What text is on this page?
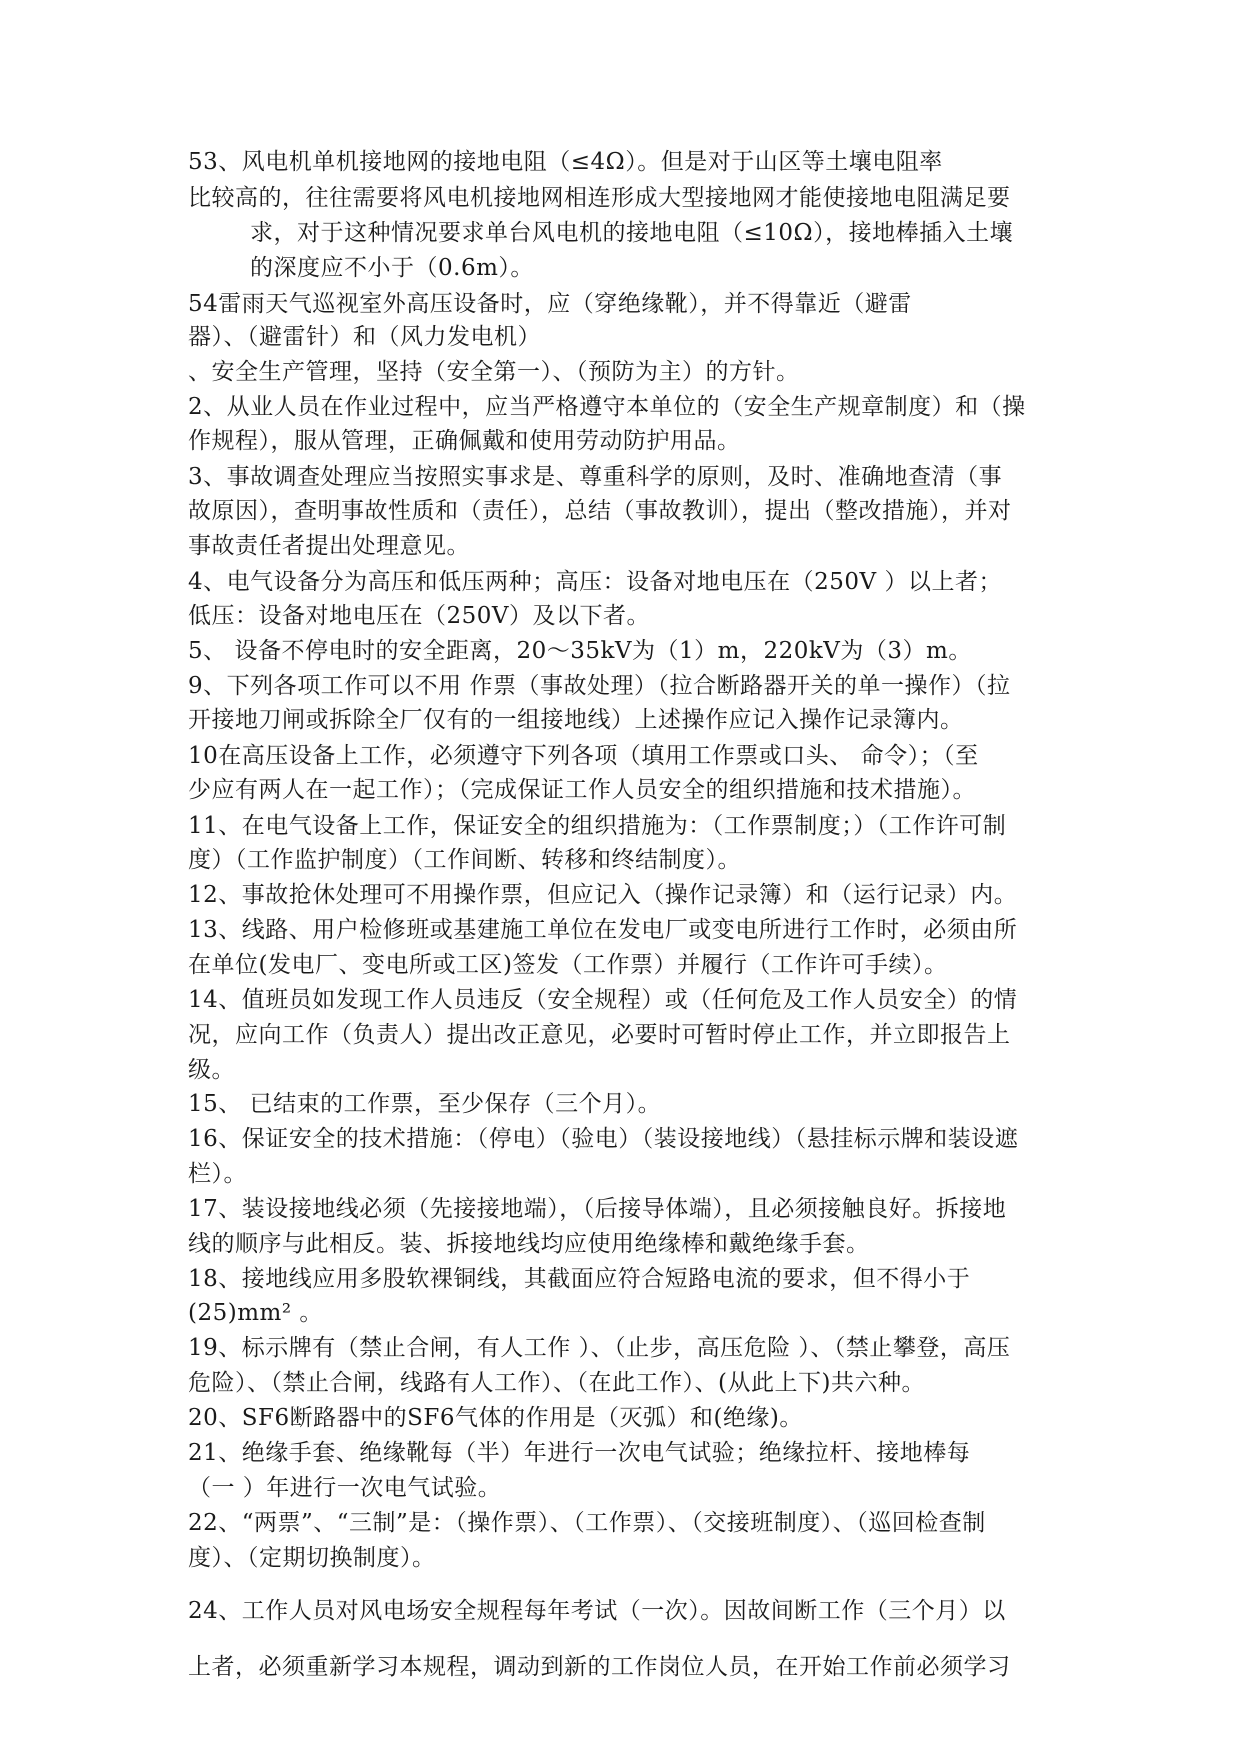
53、风电机单机接地网的接地电阻（≤4Ω）。但是对于山区等土壤电阻率
比较高的，往往需要将风电机接地网相连形成大型接地网才能使接地电阻满足要
求，对于这种情况要求单台风电机的接地电阻（≤10Ω），接地棒插入土壤
的深度应不小于（0.6m）。
54雷雨天气巡视室外高压设备时，应（穿绝缘靴），并不得靠近（避雷
器）、（避雷针）和（风力发电机）
、安全生产管理，坚持（安全第一）、（预防为主）的方针。
2、从业人员在作业过程中，应当严格遵守本单位的（安全生产规章制度）和（操
作规程），服从管理，正确佩戴和使用劳动防护用品。
3、事故调查处理应当按照实事求是、尊重科学的原则，及时、准确地查清（事
故原因），查明事故性质和（责任），总结（事故教训），提出（整改措施），并对
事故责任者提出处理意见。
4、电气设备分为高压和低压两种；高压：设备对地电压在（250V ）以上者；
低压：设备对地电压在（250V）及以下者。
5、 设备不停电时的安全距离，20～35kV为（1）m，220kV为（3）m。
9、下列各项工作可以不用 作票（事故处理）（拉合断路器开关的单一操作）（拉
开接地刀闸或拆除全厂仅有的一组接地线）上述操作应记入操作记录簿内。
10在高压设备上工作，必须遵守下列各项（填用工作票或口头、 命令）；（至
少应有两人在一起工作）；（完成保证工作人员安全的组织措施和技术措施）。
11、在电气设备上工作，保证安全的组织措施为：（工作票制度；）（工作许可制
度）（工作监护制度）（工作间断、转移和终结制度）。
12、事故抢休处理可不用操作票，但应记入（操作记录簿）和（运行记录）内。
13、线路、用户检修班或基建施工单位在发电厂或变电所进行工作时，必须由所
在单位(发电厂、变电所或工区)签发（工作票）并履行（工作许可手续）。
14、值班员如发现工作人员违反（安全规程）或（任何危及工作人员安全）的情
况，应向工作（负责人）提出改正意见，必要时可暂时停止工作，并立即报告上
级。
15、 已结束的工作票，至少保存（三个月）。
16、保证安全的技术措施：（停电）（验电）（装设接地线）（悬挂标示牌和装设遮
栏）。
17、装设接地线必须（先接接地端），（后接导体端），且必须接触良好。拆接地
线的顺序与此相反。装、拆接地线均应使用绝缘棒和戴绝缘手套。
18、接地线应用多股软裸铜线，其截面应符合短路电流的要求，但不得小于
(25)mm² 。
19、标示牌有（禁止合闸，有人工作 ）、（止步，高压危险 ）、（禁止攀登，高压
危险）、（禁止合闸，线路有人工作）、（在此工作）、(从此上下)共六种。
20、SF6断路器中的SF6气体的作用是（灭弧）和(绝缘)。
21、绝缘手套、绝缘靴每（半）年进行一次电气试验；绝缘拉杆、接地棒每
（一 ）年进行一次电气试验。
22、“两票”、“三制”是：（操作票）、（工作票）、（交接班制度）、（巡回检查制
度）、（定期切换制度）。
24、工作人员对风电场安全规程每年考试（一次）。因故间断工作（三个月）以
上者，必须重新学习本规程，调动到新的工作岗位人员，在开始工作前必须学习
